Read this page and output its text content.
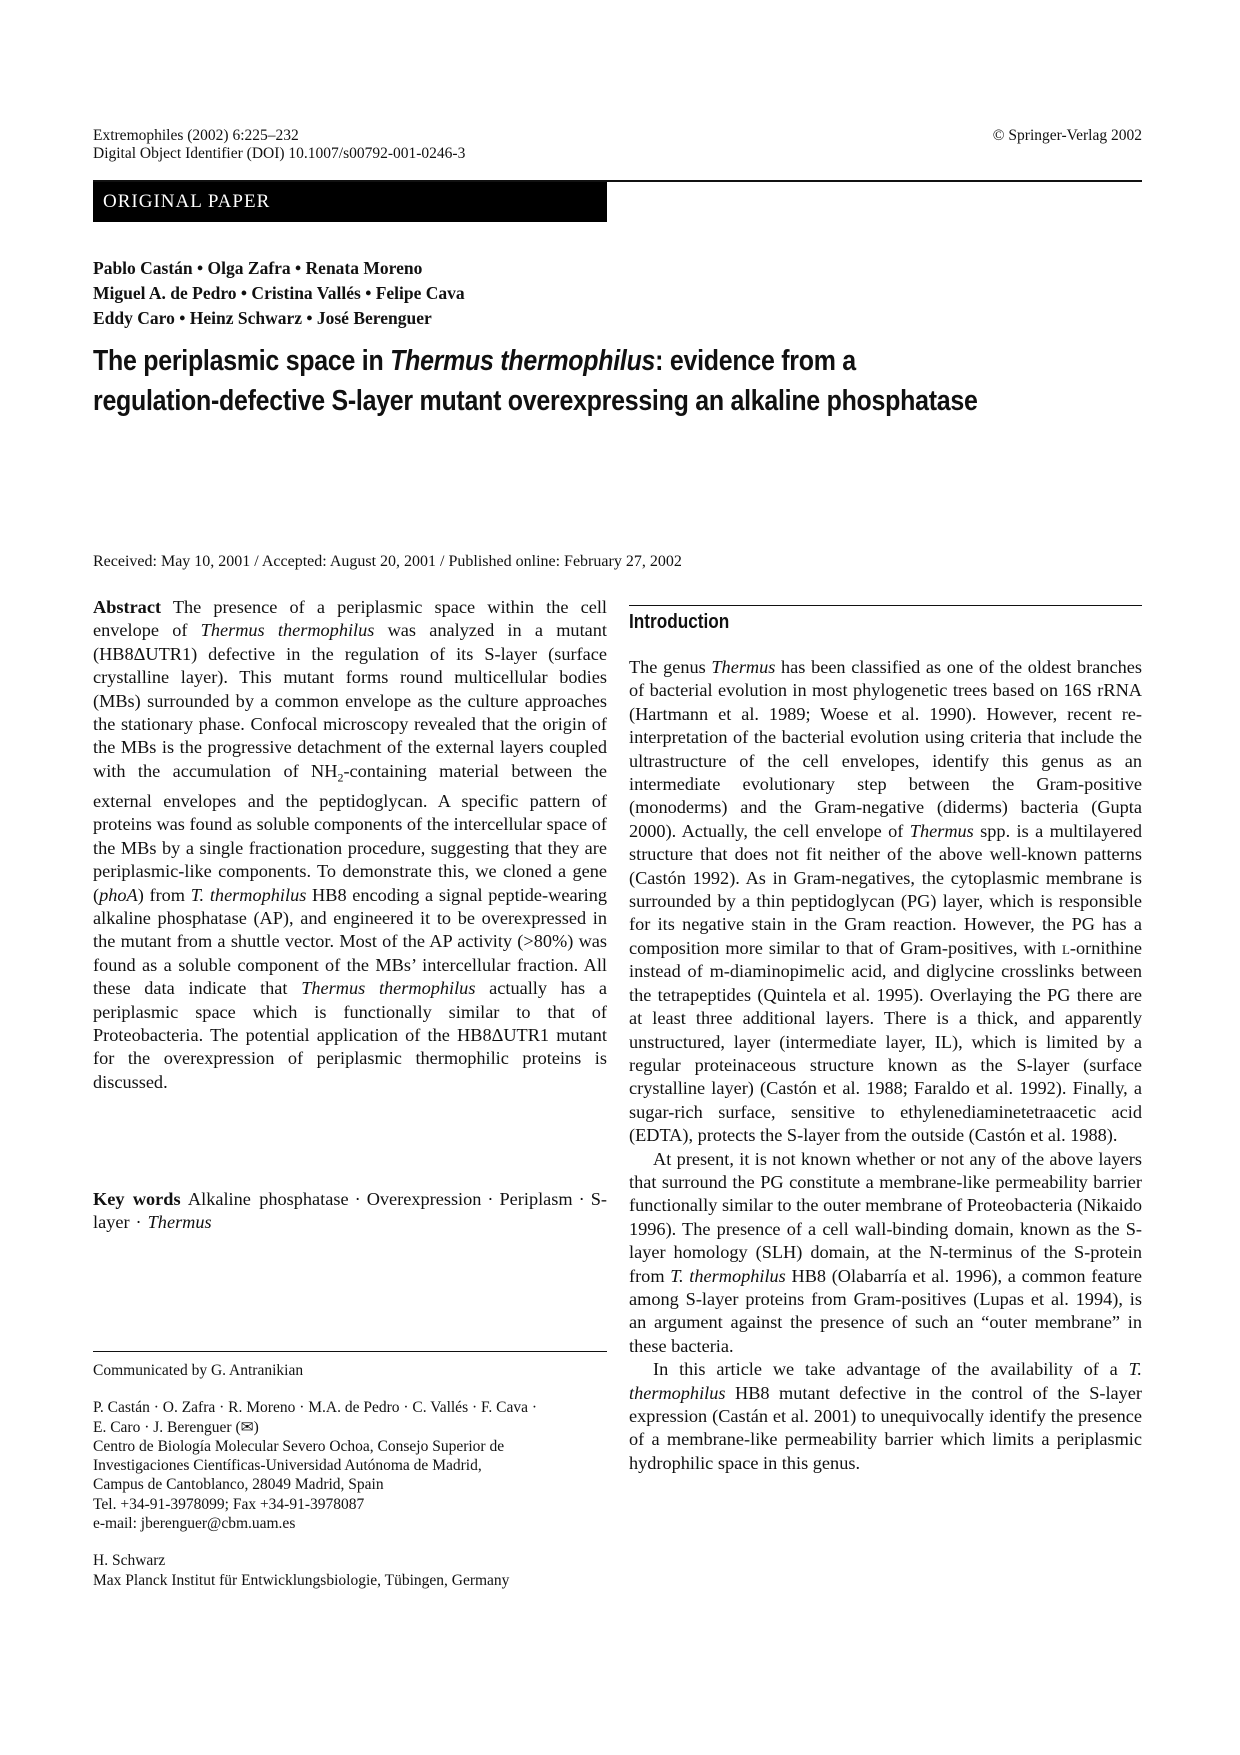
Extremophiles (2002) 6:225–232
Digital Object Identifier (DOI) 10.1007/s00792-001-0246-3
© Springer-Verlag 2002
ORIGINAL PAPER
Pablo Castán • Olga Zafra • Renata Moreno
Miguel A. de Pedro • Cristina Vallés • Felipe Cava
Eddy Caro • Heinz Schwarz • José Berenguer
The periplasmic space in Thermus thermophilus: evidence from a
regulation-defective S-layer mutant overexpressing an alkaline phosphatase
Received: May 10, 2001 / Accepted: August 20, 2001 / Published online: February 27, 2002

Abstract The presence of a periplasmic space within the cell envelope of Thermus thermophilus was analyzed in a mutant (HB8ΔUTR1) defective in the regulation of its S-layer (surface crystalline layer). This mutant forms round multicellular bodies (MBs) surrounded by a common envelope as the culture approaches the stationary phase. Confocal microscopy revealed that the origin of the MBs is the progressive detachment of the external layers coupled with the accumulation of $NH_2$-containing material between the external envelopes and the peptidoglycan. A specific pattern of proteins was found as soluble components of the intercellular space of the MBs by a single fractionation procedure, suggesting that they are periplasmic-like components. To demonstrate this, we cloned a gene (phoA) from T. thermophilus HB8 encoding a signal peptide-wearing alkaline phosphatase (AP), and engineered it to be overexpressed in the mutant from a shuttle vector. Most of the AP activity (>80%) was found as a soluble component of the MBs’ intercellular fraction. All these data indicate that Thermus thermophilus actually has a periplasmic space which is functionally similar to that of Proteobacteria. The potential application of the HB8ΔUTR1 mutant for the overexpression of periplasmic thermophilic proteins is discussed.

Key words Alkaline phosphatase · Overexpression · Periplasm · S-layer · Thermus
Communicated by G. Antranikian
P. Castán · O. Zafra · R. Moreno · M.A. de Pedro · C. Vallés · F. Cava ·
E. Caro · J. Berenguer (✉)
Centro de Biología Molecular Severo Ochoa, Consejo Superior de
Investigaciones Científicas-Universidad Autónoma de Madrid,
Campus de Cantoblanco, 28049 Madrid, Spain
Tel. +34-91-3978099; Fax +34-91-3978087
e-mail: jberenguer@cbm.uam.es
H. Schwarz
Max Planck Institut für Entwicklungsbiologie, Tübingen, Germany
Introduction

The genus Thermus has been classified as one of the oldest branches of bacterial evolution in most phylogenetic trees based on 16S rRNA (Hartmann et al. 1989; Woese et al. 1990). However, recent re-interpretation of the bacterial evolution using criteria that include the ultrastructure of the cell envelopes, identify this genus as an intermediate evolutionary step between the Gram-positive (monoderms) and the Gram-negative (diderms) bacteria (Gupta 2000). Actually, the cell envelope of Thermus spp. is a multilayered structure that does not fit neither of the above well-known patterns (Castón 1992). As in Gram-negatives, the cytoplasmic membrane is surrounded by a thin peptidoglycan (PG) layer, which is responsible for its negative stain in the Gram reaction. However, the PG has a composition more similar to that of Gram-positives, with l-ornithine instead of m-diaminopimelic acid, and diglycine crosslinks between the tetrapeptides (Quintela et al. 1995). Overlaying the PG there are at least three additional layers. There is a thick, and apparently unstructured, layer (intermediate layer, IL), which is limited by a regular proteinaceous structure known as the S-layer (surface crystalline layer) (Castón et al. 1988; Faraldo et al. 1992). Finally, a sugar-rich surface, sensitive to ethylenediaminetetraacetic acid (EDTA), protects the S-layer from the outside (Castón et al. 1988).

At present, it is not known whether or not any of the above layers that surround the PG constitute a membrane-like permeability barrier functionally similar to the outer membrane of Proteobacteria (Nikaido 1996). The presence of a cell wall-binding domain, known as the S-layer homology (SLH) domain, at the N-terminus of the S-protein from T. thermophilus HB8 (Olabarría et al. 1996), a common feature among S-layer proteins from Gram-positives (Lupas et al. 1994), is an argument against the presence of such an “outer membrane” in these bacteria.

In this article we take advantage of the availability of a T. thermophilus HB8 mutant defective in the control of the S-layer expression (Castán et al. 2001) to unequivocally identify the presence of a membrane-like permeability barrier which limits a periplasmic hydrophilic space in this genus.
